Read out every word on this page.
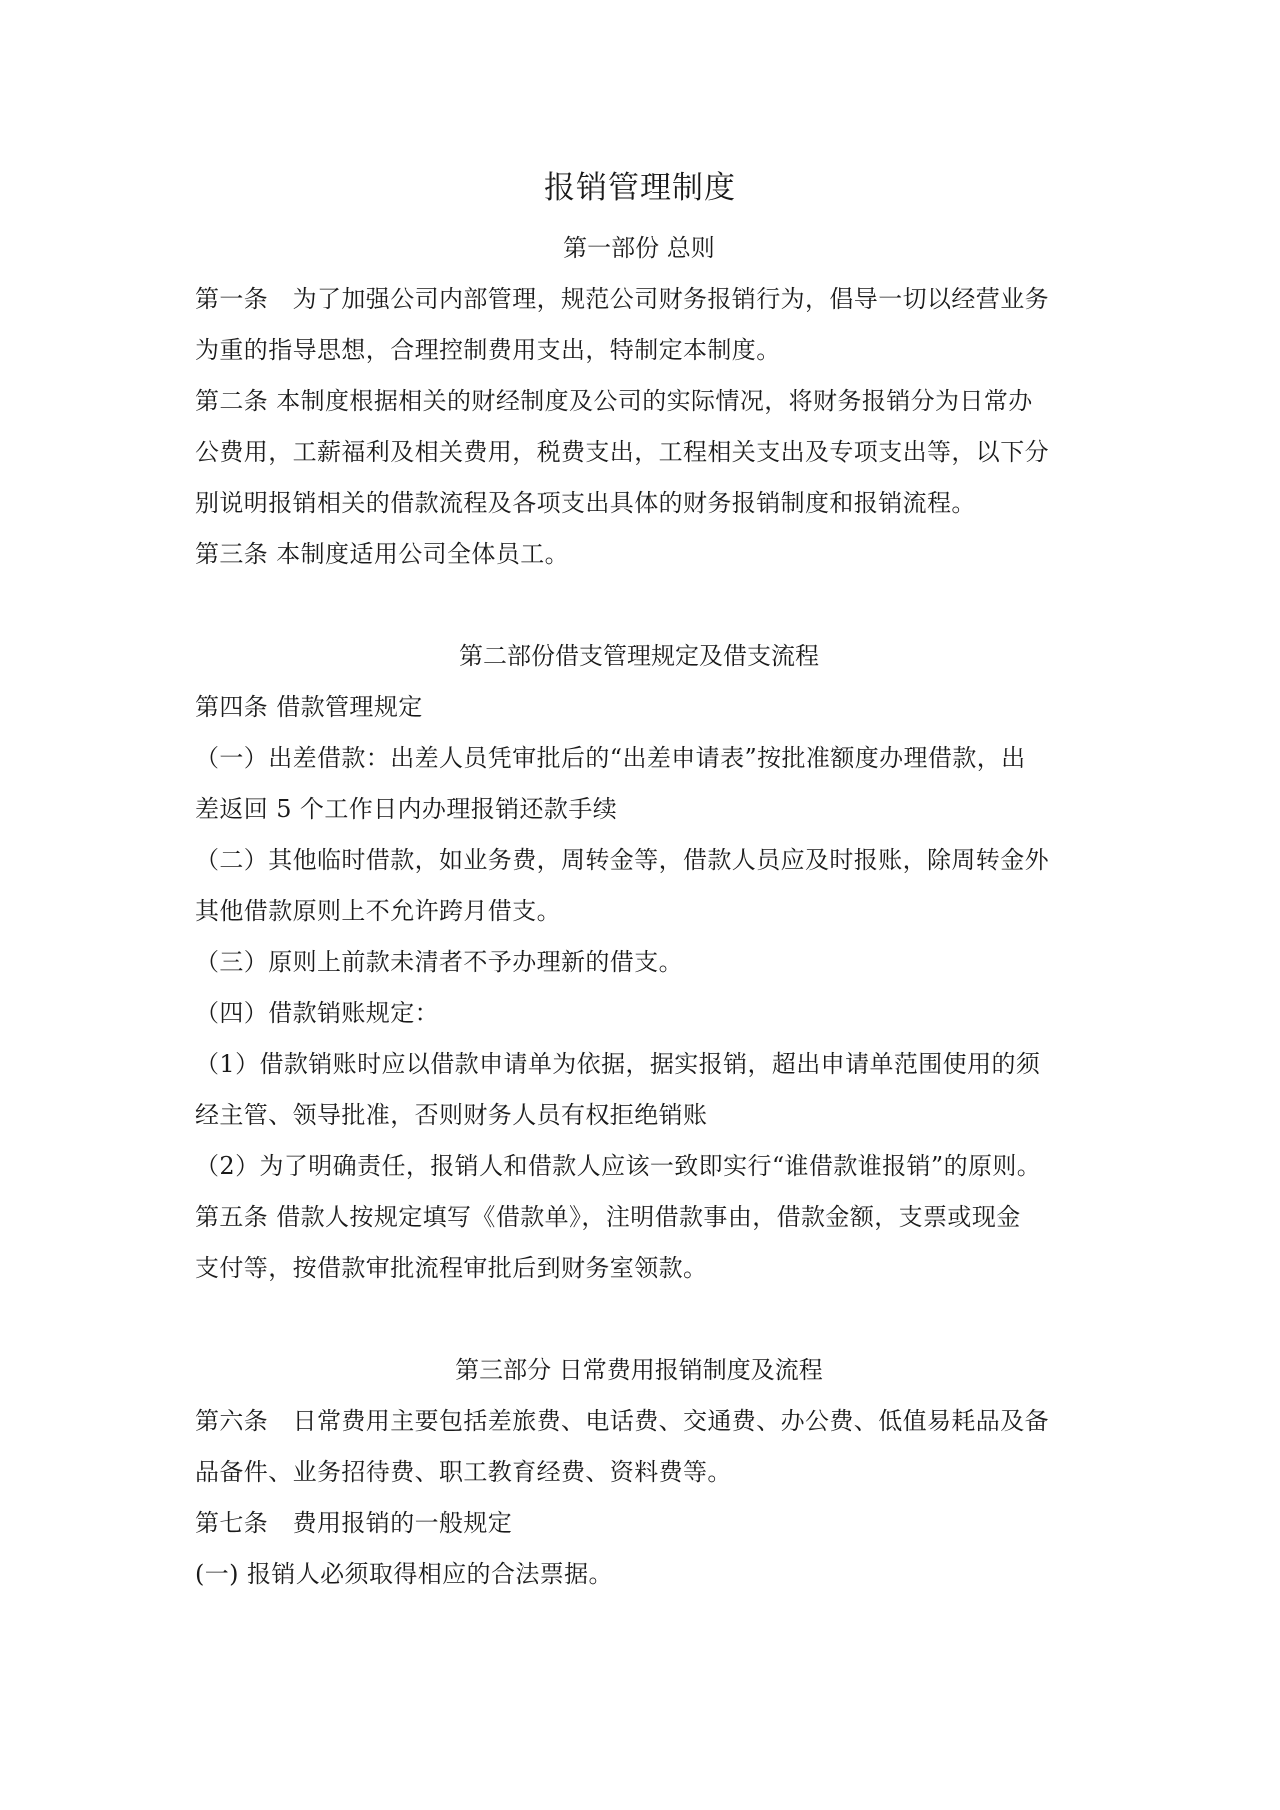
报销管理制度
第一部份 总则
第一条　为了加强公司内部管理，规范公司财务报销行为，倡导一切以经营业务
为重的指导思想，合理控制费用支出，特制定本制度。
第二条 本制度根据相关的财经制度及公司的实际情况，将财务报销分为日常办
公费用，工薪福利及相关费用，税费支出，工程相关支出及专项支出等，以下分
别说明报销相关的借款流程及各项支出具体的财务报销制度和报销流程。
第三条 本制度适用公司全体员工。
第二部份借支管理规定及借支流程
第四条 借款管理规定
（一）出差借款：出差人员凭审批后的“出差申请表”按批准额度办理借款，出
差返回 5 个工作日内办理报销还款手续
（二）其他临时借款，如业务费，周转金等，借款人员应及时报账，除周转金外
其他借款原则上不允许跨月借支。
（三）原则上前款未清者不予办理新的借支。
（四）借款销账规定：
（1）借款销账时应以借款申请单为依据，据实报销，超出申请单范围使用的须
经主管、领导批准，否则财务人员有权拒绝销账
（2）为了明确责任，报销人和借款人应该一致即实行“谁借款谁报销”的原则。
第五条 借款人按规定填写《借款单》，注明借款事由，借款金额，支票或现金
支付等，按借款审批流程审批后到财务室领款。
第三部分 日常费用报销制度及流程
第六条　日常费用主要包括差旅费、电话费、交通费、办公费、低值易耗品及备
品备件、业务招待费、职工教育经费、资料费等。
第七条　费用报销的一般规定
(一) 报销人必须取得相应的合法票据。
